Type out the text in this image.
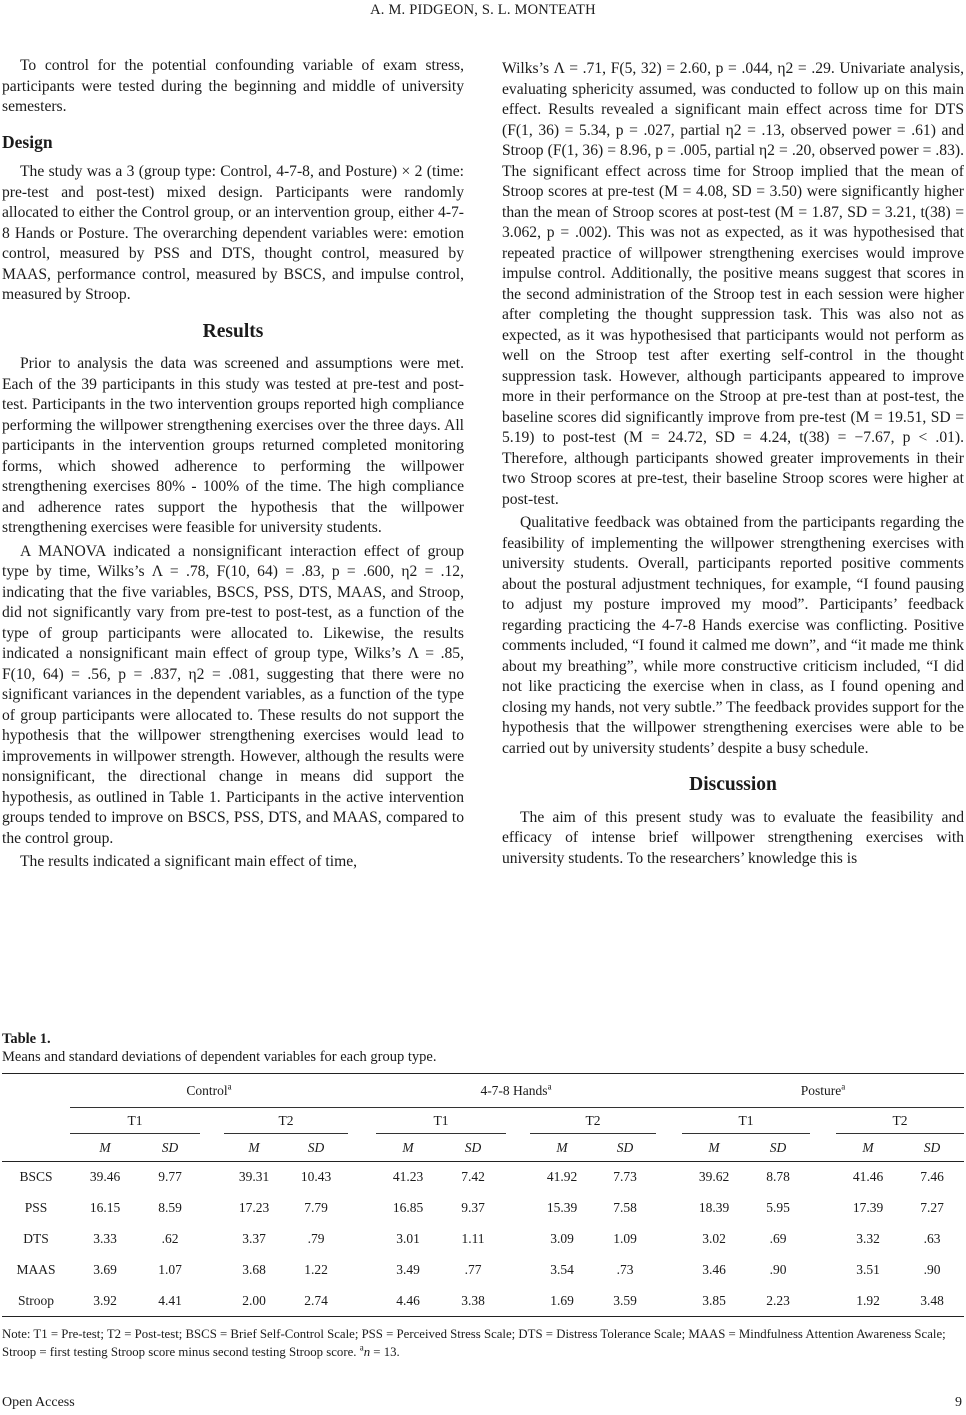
A. M. PIDGEON, S. L. MONTEATH

To control for the potential confounding variable of exam stress, participants were tested during the beginning and middle of university semesters.

Design

The study was a 3 (group type: Control, 4-7-8, and Posture) × 2 (time: pre-test and post-test) mixed design. Participants were randomly allocated to either the Control group, or an intervention group, either 4-7-8 Hands or Posture. The overarching dependent variables were: emotion control, measured by PSS and DTS, thought control, measured by MAAS, performance control, measured by BSCS, and impulse control, measured by Stroop.

Results

Prior to analysis the data was screened and assumptions were met. Each of the 39 participants in this study was tested at pre-test and post-test. Participants in the two intervention groups reported high compliance performing the willpower strengthening exercises over the three days. All participants in the intervention groups returned completed monitoring forms, which showed adherence to performing the willpower strengthening exercises 80% - 100% of the time. The high compliance and adherence rates support the hypothesis that the willpower strengthening exercises were feasible for university students.

A MANOVA indicated a nonsignificant interaction effect of group type by time, Wilks’s Λ = .78, F(10, 64) = .83, p = .600, η2 = .12, indicating that the five variables, BSCS, PSS, DTS, MAAS, and Stroop, did not significantly vary from pre-test to post-test, as a function of the type of group participants were allocated to. Likewise, the results indicated a nonsignificant main effect of group type, Wilks’s Λ = .85, F(10, 64) = .56, p = .837, η2 = .081, suggesting that there were no significant variances in the dependent variables, as a function of the type of group participants were allocated to. These results do not support the hypothesis that the willpower strengthening exercises would lead to improvements in willpower strength. However, although the results were nonsignificant, the directional change in means did support the hypothesis, as outlined in Table 1. Participants in the active intervention groups tended to improve on BSCS, PSS, DTS, and MAAS, compared to the control group.

The results indicated a significant main effect of time,

Wilks’s Λ = .71, F(5, 32) = 2.60, p = .044, η2 = .29. Univariate analysis, evaluating sphericity assumed, was conducted to follow up on this main effect. Results revealed a significant main effect across time for DTS (F(1, 36) = 5.34, p = .027, partial η2 = .13, observed power = .61) and Stroop (F(1, 36) = 8.96, p = .005, partial η2 = .20, observed power = .83). The significant effect across time for Stroop implied that the mean of Stroop scores at pre-test (M = 4.08, SD = 3.50) were significantly higher than the mean of Stroop scores at post-test (M = 1.87, SD = 3.21, t(38) = 3.062, p = .002). This was not as expected, as it was hypothesised that repeated practice of willpower strengthening exercises would improve impulse control. Additionally, the positive means suggest that scores in the second administration of the Stroop test in each session were higher after completing the thought suppression task. This was also not as expected, as it was hypothesised that participants would not perform as well on the Stroop test after exerting self-control in the thought suppression task. However, although participants appeared to improve more in their performance on the Stroop at pre-test than at post-test, the baseline scores did significantly improve from pre-test (M = 19.51, SD = 5.19) to post-test (M = 24.72, SD = 4.24, t(38) = −7.67, p < .01). Therefore, although participants showed greater improvements in their two Stroop scores at pre-test, their baseline Stroop scores were higher at post-test.

Qualitative feedback was obtained from the participants regarding the feasibility of implementing the willpower strengthening exercises with university students. Overall, participants reported positive comments about the postural adjustment techniques, for example, “I found pausing to adjust my posture improved my mood”. Participants’ feedback regarding practicing the 4-7-8 Hands exercise was conflicting. Positive comments included, “I found it calmed me down”, and “it made me think about my breathing”, while more constructive criticism included, “I did not like practicing the exercise when in class, as I found opening and closing my hands, not very subtle.” The feedback provides support for the hypothesis that the willpower strengthening exercises were able to be carried out by university students’ despite a busy schedule.

Discussion

The aim of this present study was to evaluate the feasibility and efficacy of intense brief willpower strengthening exercises with university students. To the researchers’ knowledge this is

Table 1.
Means and standard deviations of dependent variables for each group type.
	Control$^a$						4-7-8 Hands$^a$						Posture$^a$
	T1			T2			T1			T2			T1			T2	
	M	SD		M	SD		M	SD		M	SD		M	SD		M	SD
BSCS	39.46	9.77		39.31	10.43		41.23	7.42		41.92	7.73		39.62	8.78		41.46	7.46
PSS	16.15	8.59		17.23	7.79		16.85	9.37		15.39	7.58		18.39	5.95		17.39	7.27
DTS	3.33	.62		3.37	.79		3.01	1.11		3.09	1.09		3.02	.69		3.32	.63
MAAS	3.69	1.07		3.68	1.22		3.49	.77		3.54	.73		3.46	.90		3.51	.90
Stroop	3.92	4.41		2.00	2.74		4.46	3.38		1.69	3.59		3.85	2.23		1.92	3.48
Note: T1 = Pre-test; T2 = Post-test; BSCS = Brief Self-Control Scale; PSS = Perceived Stress Scale; DTS = Distress Tolerance Scale; MAAS = Mindfulness Attention Awareness Scale; Stroop = first testing Stroop score minus second testing Stroop score. $^a$n = 13.
Open Access	9
